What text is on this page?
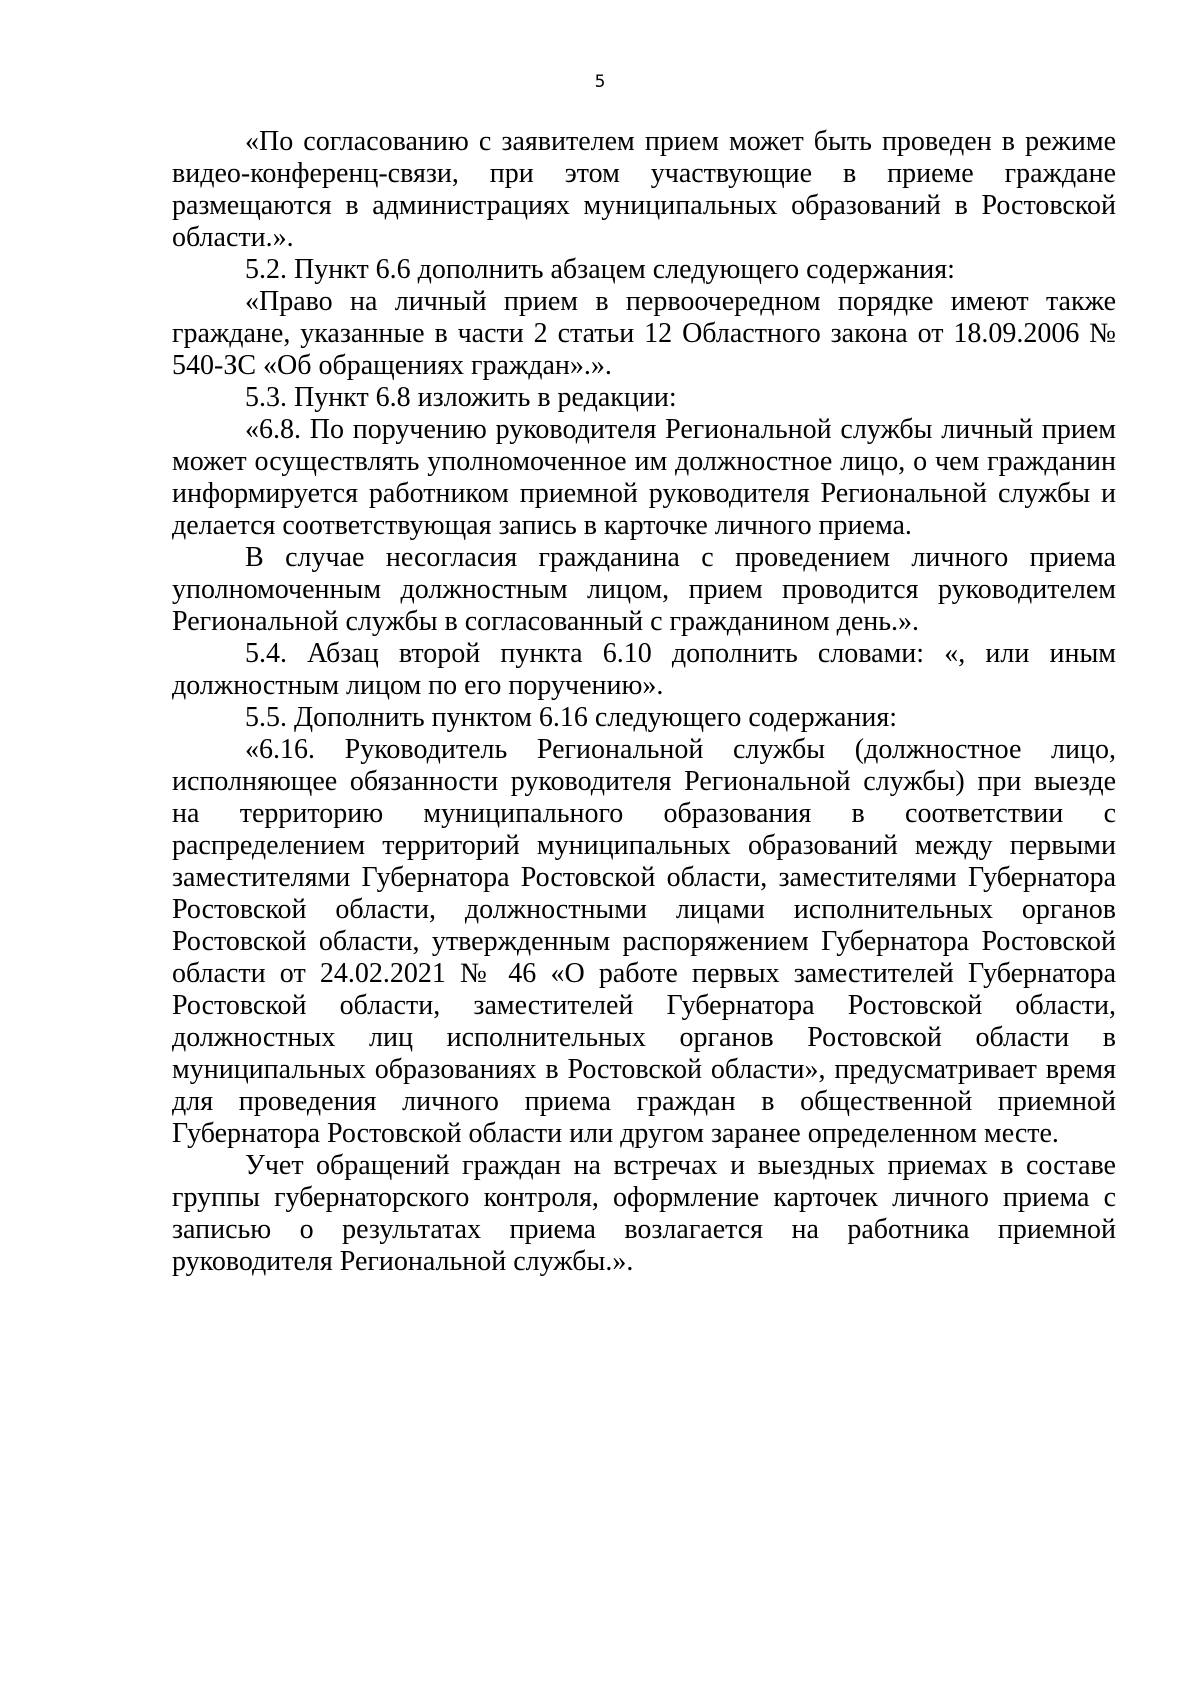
5

«По согласованию с заявителем прием может быть проведен в режиме видео-конференц-связи, при этом участвующие в приеме граждане размещаются в администрациях муниципальных образований в Ростовской области.».

5.2. Пункт 6.6 дополнить абзацем следующего содержания:

«Право на личный прием в первоочередном порядке имеют также граждане, указанные в части 2 статьи 12 Областного закона от 18.09.2006 № 540-ЗС «Об обращениях граждан».».

5.3. Пункт 6.8 изложить в редакции:

«6.8. По поручению руководителя Региональной службы личный прием может осуществлять уполномоченное им должностное лицо, о чем гражданин информируется работником приемной руководителя Региональной службы и делается соответствующая запись в карточке личного приема.

В случае несогласия гражданина с проведением личного приема уполномоченным должностным лицом, прием проводится руководителем Региональной службы в согласованный с гражданином день.».

5.4. Абзац второй пункта 6.10 дополнить словами: «, или иным должностным лицом по его поручению».

5.5. Дополнить пунктом 6.16 следующего содержания:

«6.16. Руководитель Региональной службы (должностное лицо, исполняющее обязанности руководителя Региональной службы) при выезде на территорию муниципального образования в соответствии с распределением территорий муниципальных образований между первыми заместителями Губернатора Ростовской области, заместителями Губернатора Ростовской области, должностными лицами исполнительных органов Ростовской области, утвержденным распоряжением Губернатора Ростовской области от 24.02.2021 № 46 «О работе первых заместителей Губернатора Ростовской области, заместителей Губернатора Ростовской области, должностных лиц исполнительных органов Ростовской области в муниципальных образованиях в Ростовской области», предусматривает время для проведения личного приема граждан в общественной приемной Губернатора Ростовской области или другом заранее определенном месте.

Учет обращений граждан на встречах и выездных приемах в составе группы губернаторского контроля, оформление карточек личного приема с записью о результатах приема возлагается на работника приемной руководителя Региональной службы.».
